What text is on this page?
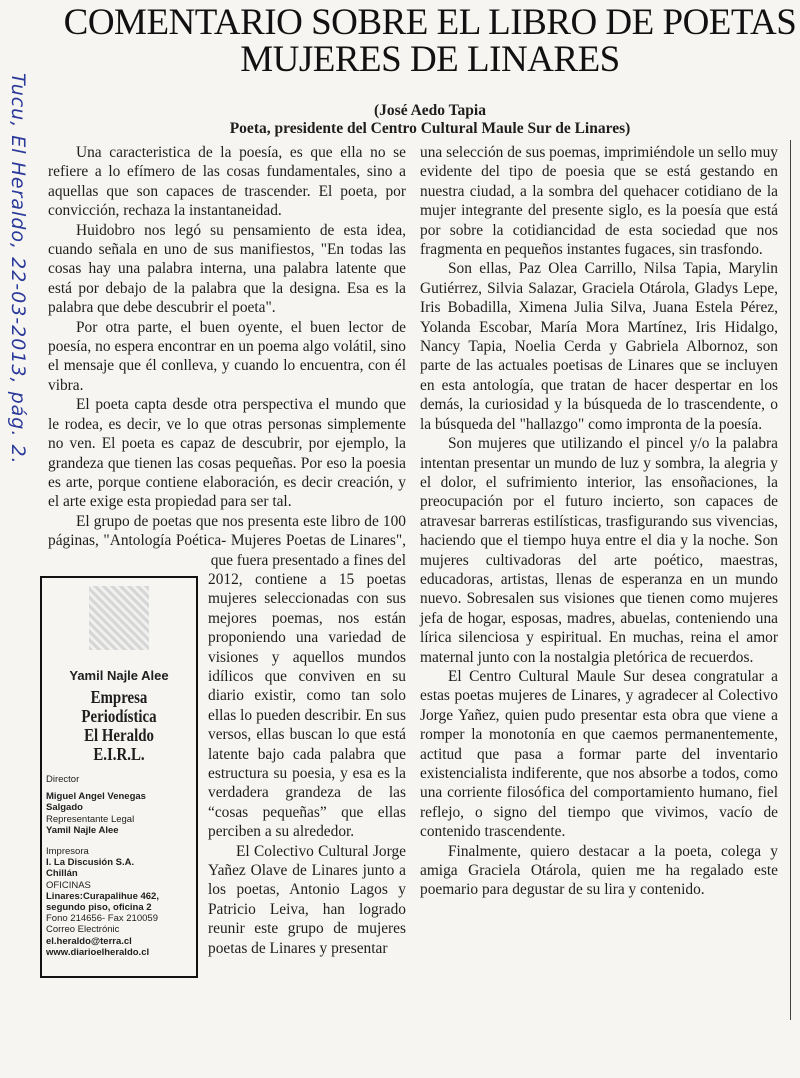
Tucu, El Heraldo, 22-03-2013, pág. 2.
COMENTARIO SOBRE EL LIBRO DE POETAS
MUJERES DE LINARES
(José Aedo Tapia
Poeta, presidente del Centro Cultural Maule Sur de Linares)

Una caracteristica de la poesía, es que ella no se refiere a lo efímero de las cosas fundamentales, sino a aquellas que son capaces de trascender. El poeta, por convicción, rechaza la instantaneidad.

Huidobro nos legó su pensamiento de esta idea, cuando señala en uno de sus manifiestos, "En todas las cosas hay una palabra interna, una palabra latente que está por debajo de la palabra que la designa. Esa es la palabra que debe descubrir el poeta".

Por otra parte, el buen oyente, el buen lector de poesía, no espera encontrar en un poema algo volátil, sino el mensaje que él conlleva, y cuando lo encuentra, con él vibra.

El poeta capta desde otra perspectiva el mundo que le rodea, es decir, ve lo que otras personas simplemente no ven. El poeta es capaz de descubrir, por ejemplo, la grandeza que tienen las cosas pequeñas. Por eso la poesia es arte, porque contiene elaboración, es decir creación, y el arte exige esta propiedad para ser tal.

El grupo de poetas que nos presenta este libro de 100 páginas, "Antología Poética- Mujeres Poetas de Linares", que fuera presentado a fines del

Yamil Najle Alee
Empresa Periodística
El Heraldo E.I.R.L.
Director
Miguel Angel Venegas
Salgado
Representante Legal
Yamil Najle Alee
Impresora
I. La Discusión S.A.
Chillán
OFICINAS
Linares:Curapalihue 462,
segundo piso, oficina 2
Fono 214656- Fax 210059
Correo Electrónic
el.heraldo@terra.cl
www.diarioelheraldo.cl

2012, contiene a 15 poetas mujeres seleccionadas con sus mejores poemas, nos están proponiendo una variedad de visiones y aquellos mundos idílicos que conviven en su diario existir, como tan solo ellas lo pueden describir. En sus versos, ellas buscan lo que está latente bajo cada palabra que estructura su poesia, y esa es la verdadera grandeza de las “cosas pequeñas” que ellas perciben a su alrededor.

El Colectivo Cultural Jorge Yañez Olave de Linares junto a los poetas, Antonio Lagos y Patricio Leiva, han logrado reunir este grupo de mujeres poetas de Linares y presentar

una selección de sus poemas, imprimiéndole un sello muy evidente del tipo de poesia que se está gestando en nuestra ciudad, a la sombra del quehacer cotidiano de la mujer integrante del presente siglo, es la poesía que está por sobre la cotidiancidad de esta sociedad que nos fragmenta en pequeños instantes fugaces, sin trasfondo.

Son ellas, Paz Olea Carrillo, Nilsa Tapia, Marylin Gutiérrez, Silvia Salazar, Graciela Otárola, Gladys Lepe, Iris Bobadilla, Ximena Julia Silva, Juana Estela Pérez, Yolanda Escobar, María Mora Martínez, Iris Hidalgo, Nancy Tapia, Noelia Cerda y Gabriela Albornoz, son parte de las actuales poetisas de Linares que se incluyen en esta antología, que tratan de hacer despertar en los demás, la curiosidad y la búsqueda de lo trascendente, o la búsqueda del "hallazgo" como impronta de la poesía.

Son mujeres que utilizando el pincel y/o la palabra intentan presentar un mundo de luz y sombra, la alegria y el dolor, el sufrimiento interior, las ensoñaciones, la preocupación por el futuro incierto, son capaces de atravesar barreras estilísticas, trasfigurando sus vivencias, haciendo que el tiempo huya entre el dia y la noche. Son mujeres cultivadoras del arte poético, maestras, educadoras, artistas, llenas de esperanza en un mundo nuevo. Sobresalen sus visiones que tienen como mujeres jefa de hogar, esposas, madres, abuelas, conteniendo una lírica silenciosa y espiritual. En muchas, reina el amor maternal junto con la nostalgia pletórica de recuerdos.

El Centro Cultural Maule Sur desea congratular a estas poetas mujeres de Linares, y agradecer al Colectivo Jorge Yañez, quien pudo presentar esta obra que viene a romper la monotonía en que caemos permanentemente, actitud que pasa a formar parte del inventario existencialista indiferente, que nos absorbe a todos, como una corriente filosófica del comportamiento humano, fiel reflejo, o signo del tiempo que vivimos, vacío de contenido trascendente.

Finalmente, quiero destacar a la poeta, colega y amiga Graciela Otárola, quien me ha regalado este poemario para degustar de su lira y contenido.
